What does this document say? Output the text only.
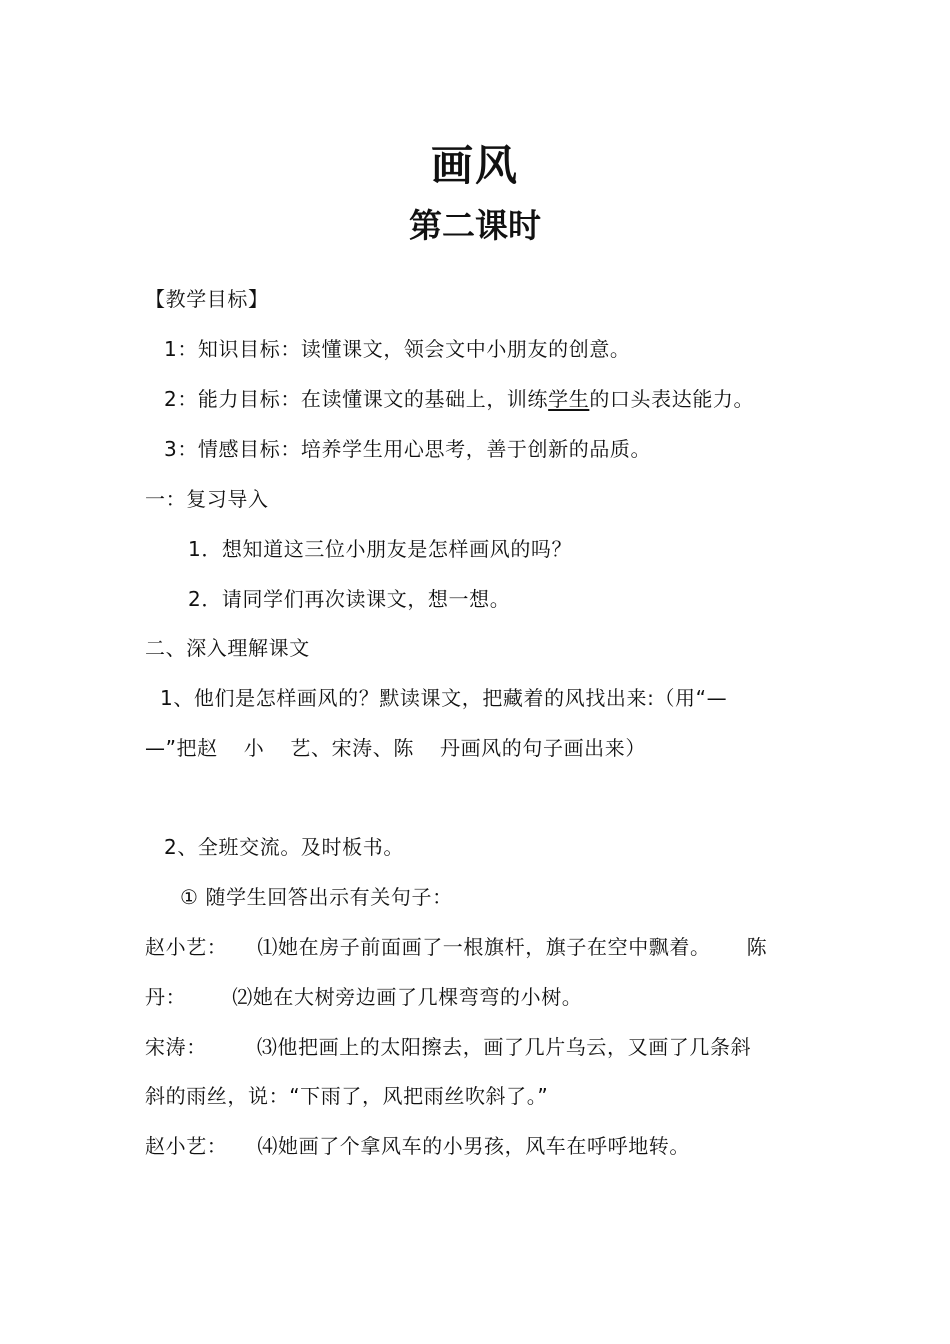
画风
第二课时
【教学目标】
1：知识目标：读懂课文，领会文中小朋友的创意。
2：能力目标：在读懂课文的基础上，训练学生的口头表达能力。
3：情感目标：培养学生用心思考，善于创新的品质。
一：复习导入
1．想知道这三位小朋友是怎样画风的吗？
2．请同学们再次读课文，想一想。
二、深入理解课文
1、他们是怎样画风的？默读课文，把藏着的风找出来:（用“—
—”把赵 小 艺、宋涛、陈 丹画风的句子画出来）
2、全班交流。及时板书。
① 随学生回答出示有关句子：
赵小艺： ⑴她在房子前面画了一根旗杆，旗子在空中飘着。 陈
丹： ⑵她在大树旁边画了几棵弯弯的小树。
宋涛：	⑶他把画上的太阳擦去，画了几片乌云，又画了几条斜
斜的雨丝，说：“下雨了，风把雨丝吹斜了。”
赵小艺： ⑷她画了个拿风车的小男孩，风车在呼呼地转。
